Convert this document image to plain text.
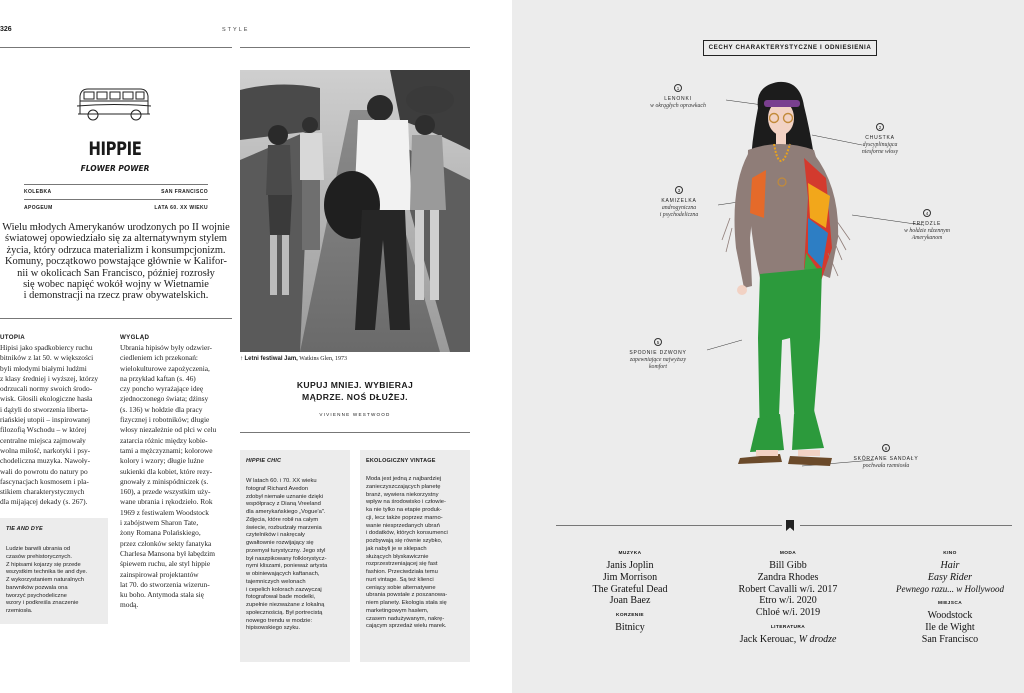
326	STYLE
HIPPIE
FLOWER POWER
KOLEBKA	SAN FRANCISCO
APOGEUM	LATA 60. XX WIEKU
Wielu młodych Amerykanów urodzonych po II wojnie
światowej opowiedziało się za alternatywnym stylem
życia, który odrzuca materializm i konsumpcjonizm.
Komuny, początkowo powstające głównie w Kalifor-
nii w okolicach San Francisco, później rozrosły
się wobec napięć wokół wojny w Wietnamie
i demonstracji na rzecz praw obywatelskich.
UTOPIA
Hipisi jako spadkobiercy ruchu
bitników z lat 50. w większości
byli młodymi białymi ludźmi
z klasy średniej i wyższej, którzy
odrzucali normy swoich środo-
wisk. Głosili ekologiczne hasła
i dążyli do stworzenia liberta-
riańskiej utopii – inspirowanej
filozofią Wschodu – w której
centralne miejsca zajmowały
wolna miłość, narkotyki i psy-
chodeliczna muzyka. Nawoły-
wali do powrotu do natury po
fascynacjach kosmosem i pla-
stikiem charakterystycznych
dla mijającej dekady (s. 267).
TIE AND DYE
Ludzie barwili ubrania od
czasów prehistorycznych.
Z hipisami kojarzy się przede
wszystkim technika tie and dye.
Z wykorzystaniem naturalnych
barwników pozwala ona
tworzyć psychodeliczne
wzory i podkreśla znaczenie
rzemiosła.
WYGLĄD
Ubrania hipisów były odzwier-
ciedleniem ich przekonań:
wielokulturowe zapożyczenia,
na przykład kaftan (s. 46)
czy poncho wyrażające ideę
zjednoczonego świata; dżinsy
(s. 136) w hołdzie dla pracy
fizycznej i robotników; długie
włosy niezależnie od płci w celu
zatarcia różnic między kobie-
tami a mężczyznami; kolorowe
kolory i wzory; długie luźne
sukienki dla kobiet, które rezy-
gnowały z minispódniczek (s.
160), a przede wszystkim uży-
wane ubrania i rękodzieło. Rok
1969 z festiwalem Woodstock
i zabójstwem Sharon Tate,
żony Romana Polańskiego,
przez członków sekty fanatyka
Charlesa Mansona był łabędzim
śpiewem ruchu, ale styl hippie
zainspirował projektantów
lat 70. do stworzenia wizerun-
ku boho. Antymoda stała się
modą.
↑ Letni festiwal Jam, Watkins Glen, 1973
KUPUJ MNIEJ. WYBIERAJ
MĄDRZE. NOŚ DŁUŻEJ.
VIVIENNE WESTWOOD
HIPPIE CHIC
W latach 60. i 70. XX wieku
fotograf Richard Avedon
zdobył niemałe uznanie dzięki
współpracy z Dianą Vreeland
dla amerykańskiego „Vogue'a".
Zdjęcia, które robił na całym
świecie, rozbudzały marzenia
czytelników i nakręcały
gwałtownie rozwijający się
przemysł turystyczny. Jego styl
był naszpikowany folklorystycz-
nymi kliszami, ponieważ artysta
w obiniewających kaftanach,
tajemniczych welonach
i cepelich kolorach zazwyczaj
fotografował bade modelki,
zupełnie niezważane z lokalną
społecznością. Był portrecistą
nowego trendu w modzie:
hipisowskiego szyku.
EKOLOGICZNY VINTAGE
Moda jest jedną z najbardziej
zanieczyszczających planetę
branż, wywiera niekorzystny
wpływ na środowisko i człowie-
ka nie tylko na etapie produk-
cji, lecz także poprzez marno-
wanie niesprzedanych ubrań
i dodatków, których konsumenci
pozbywają się równie szybko,
jak nabyli je w sklepach
służących błyskawicznie
rozprzestrzeniającej się fast
fashion. Przeciwdziała temu
nurt vintage. Są też klienci
ceniący sobie alternatywne
ubrania powstałe z poszanowa-
niem planety. Ekologia stała się
marketingowym hasłem,
czasem nadużywanym, nakrę-
cającym sprzedaż wielu marek.
CECHY CHARAKTERYSTYCZNE I ODNIESIENIA
1
LENONKI
w okrągłych oprawkach
2
CHUSTKA
dyscyplinująca
niesforne włosy
3
KAMIZELKA
androgyniczna
i psychodeliczna	4
FRĘDZLE
w hołdzie rdzennym
Amerykanom
5
SPODNIE DZWONY
zapewniające najwyższy
komfort
6
SKÓRZANE SANDAŁY
pochwała rzemiosła
MUZYKA
Janis Joplin
Jim Morrison
The Grateful Dead
Joan Baez
KORZENIE
Bitnicy
MODA
Bill Gibb
Zandra Rhodes
Robert Cavalli w/i. 2017
Etro w/i. 2020
Chloé w/i. 2019
LITERATURA
Jack Kerouac, W drodze
KINO
Hair
Easy Rider
Pewnego razu... w Hollywood
MIEJSCA
Woodstock
Ile de Wight
San Francisco
